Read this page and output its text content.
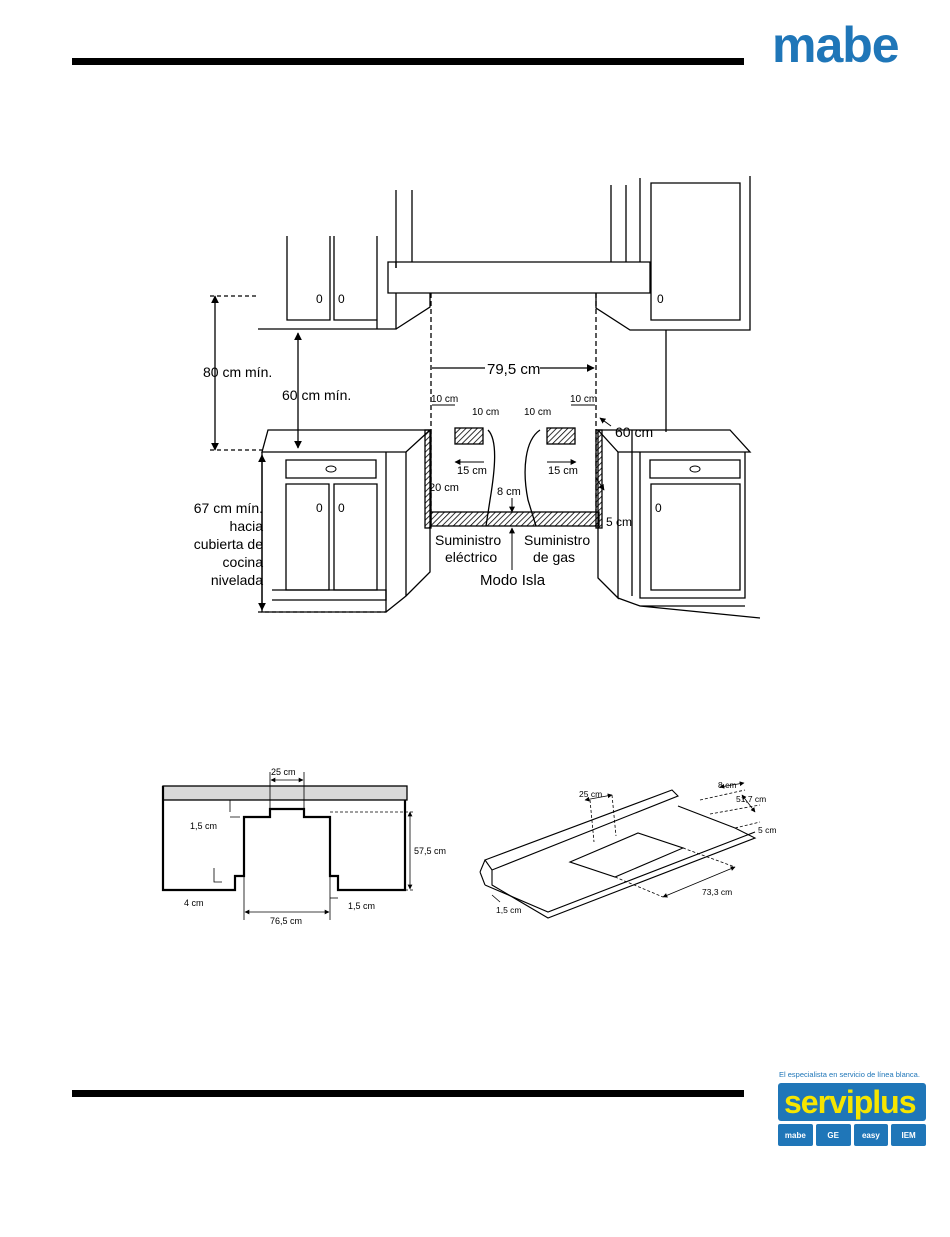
mabe
80 cm mín.
60 cm mín.
79,5 cm
60 cm
5 cm
20 cm	8 cm
10 cm
10 cm 10 cm
10 cm
15 cm	15 cm
Suministro
eléctrico
Suministro
de gas
Modo Isla
67 cm mín.
hacia
cubierta de
cocina
nivelada
0 0	0
0 0	0
25 cm
1,5 cm
57,5 cm
4 cm
76,5 cm
1,5 cm
25 cm
8 cm
51,7 cm
5 cm
73,3 cm
1,5 cm
El especialista en servicio de línea blanca.
serviplus
mabe	GE	easy	IEM
